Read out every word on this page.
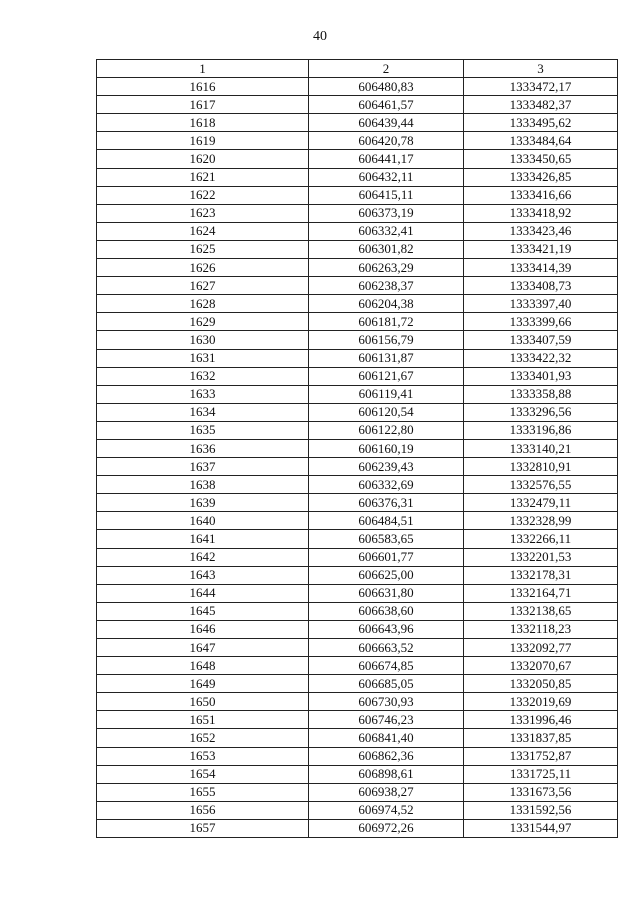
40
1	2	3
1616	606480,83	1333472,17
1617	606461,57	1333482,37
1618	606439,44	1333495,62
1619	606420,78	1333484,64
1620	606441,17	1333450,65
1621	606432,11	1333426,85
1622	606415,11	1333416,66
1623	606373,19	1333418,92
1624	606332,41	1333423,46
1625	606301,82	1333421,19
1626	606263,29	1333414,39
1627	606238,37	1333408,73
1628	606204,38	1333397,40
1629	606181,72	1333399,66
1630	606156,79	1333407,59
1631	606131,87	1333422,32
1632	606121,67	1333401,93
1633	606119,41	1333358,88
1634	606120,54	1333296,56
1635	606122,80	1333196,86
1636	606160,19	1333140,21
1637	606239,43	1332810,91
1638	606332,69	1332576,55
1639	606376,31	1332479,11
1640	606484,51	1332328,99
1641	606583,65	1332266,11
1642	606601,77	1332201,53
1643	606625,00	1332178,31
1644	606631,80	1332164,71
1645	606638,60	1332138,65
1646	606643,96	1332118,23
1647	606663,52	1332092,77
1648	606674,85	1332070,67
1649	606685,05	1332050,85
1650	606730,93	1332019,69
1651	606746,23	1331996,46
1652	606841,40	1331837,85
1653	606862,36	1331752,87
1654	606898,61	1331725,11
1655	606938,27	1331673,56
1656	606974,52	1331592,56
1657	606972,26	1331544,97
